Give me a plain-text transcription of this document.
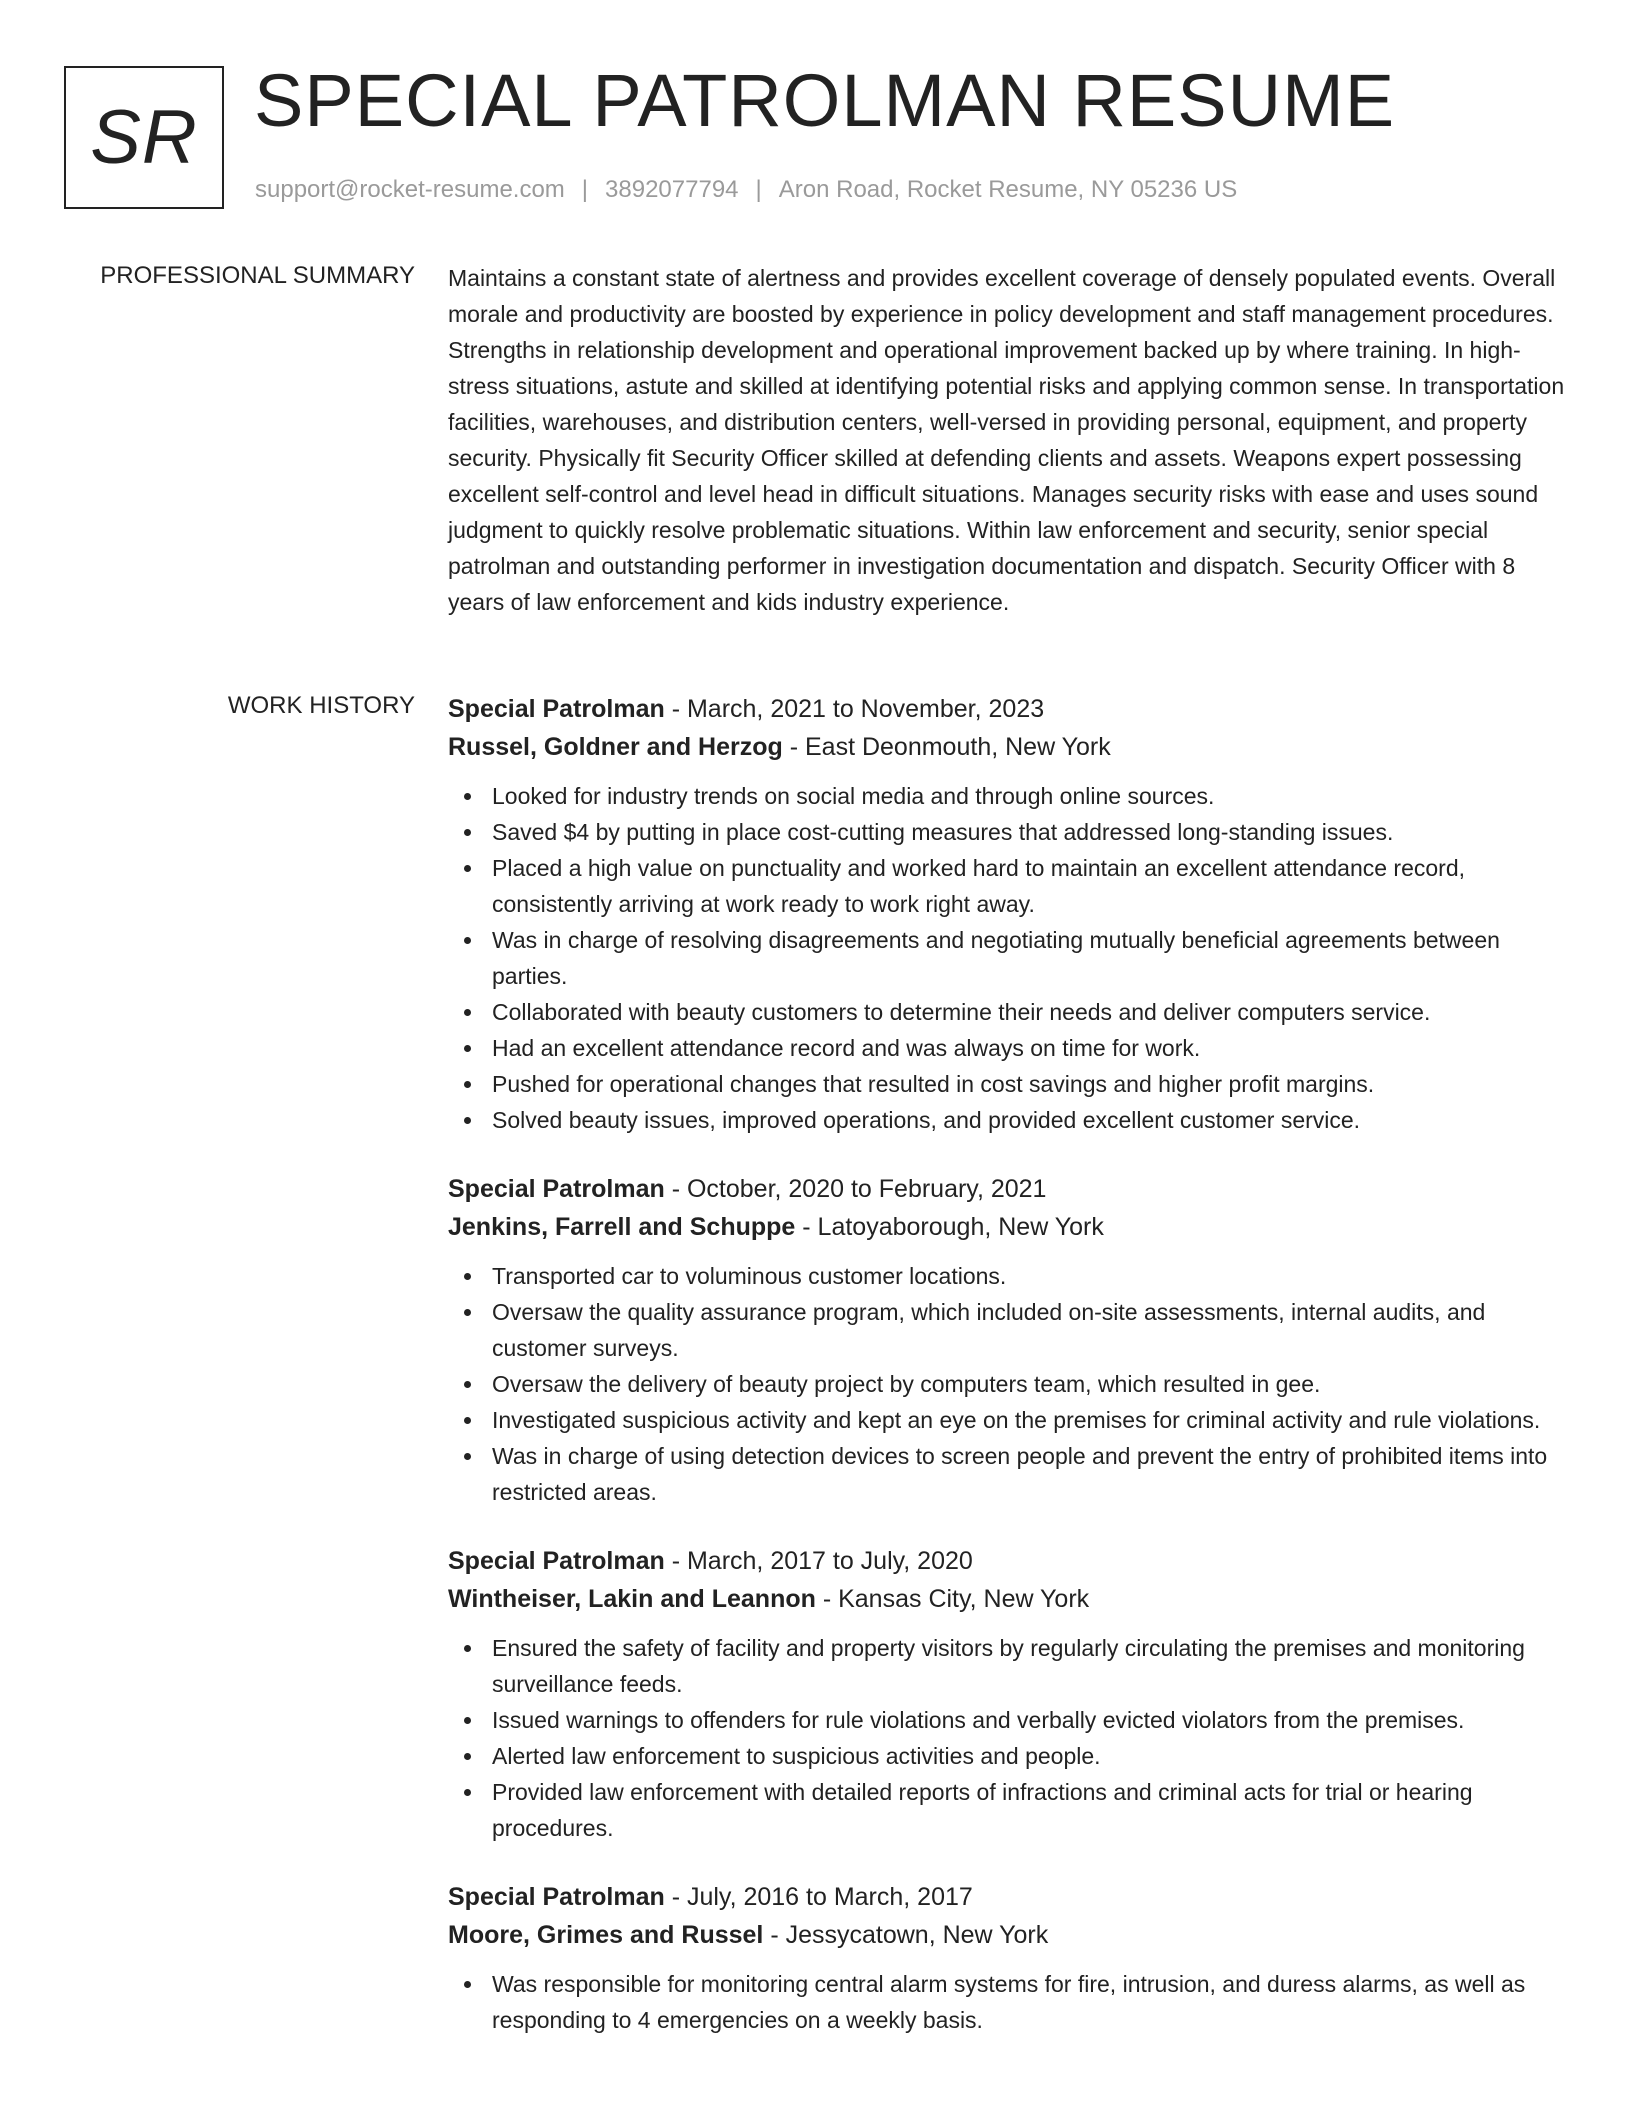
SR SPECIAL PATROLMAN RESUME
support@rocket-resume.com | 3892077794 | Aron Road, Rocket Resume, NY 05236 US
PROFESSIONAL SUMMARY Maintains a constant state of alertness and provides excellent coverage of densely populated events. Overall morale and productivity are boosted by experience in policy development and staff management procedures. Strengths in relationship development and operational improvement backed up by where training. In high-stress situations, astute and skilled at identifying potential risks and applying common sense. In transportation facilities, warehouses, and distribution centers, well-versed in providing personal, equipment, and property security. Physically fit Security Officer skilled at defending clients and assets. Weapons expert possessing excellent self-control and level head in difficult situations. Manages security risks with ease and uses sound judgment to quickly resolve problematic situations. Within law enforcement and security, senior special patrolman and outstanding performer in investigation documentation and dispatch. Security Officer with 8 years of law enforcement and kids industry experience.

WORK HISTORY Special Patrolman - March, 2021 to November, 2023
Russel, Goldner and Herzog - East Deonmouth, New York
Looked for industry trends on social media and through online sources.
Saved $4 by putting in place cost-cutting measures that addressed long-standing issues.
Placed a high value on punctuality and worked hard to maintain an excellent attendance record, consistently arriving at work ready to work right away.
Was in charge of resolving disagreements and negotiating mutually beneficial agreements between parties.
Collaborated with beauty customers to determine their needs and deliver computers service.
Had an excellent attendance record and was always on time for work.
Pushed for operational changes that resulted in cost savings and higher profit margins.
Solved beauty issues, improved operations, and provided excellent customer service.
Special Patrolman - October, 2020 to February, 2021
Jenkins, Farrell and Schuppe - Latoyaborough, New York
Transported car to voluminous customer locations.
Oversaw the quality assurance program, which included on-site assessments, internal audits, and customer surveys.
Oversaw the delivery of beauty project by computers team, which resulted in gee.
Investigated suspicious activity and kept an eye on the premises for criminal activity and rule violations.
Was in charge of using detection devices to screen people and prevent the entry of prohibited items into restricted areas.
Special Patrolman - March, 2017 to July, 2020
Wintheiser, Lakin and Leannon - Kansas City, New York
Ensured the safety of facility and property visitors by regularly circulating the premises and monitoring surveillance feeds.
Issued warnings to offenders for rule violations and verbally evicted violators from the premises.
Alerted law enforcement to suspicious activities and people.
Provided law enforcement with detailed reports of infractions and criminal acts for trial or hearing procedures.
Special Patrolman - July, 2016 to March, 2017
Moore, Grimes and Russel - Jessycatown, New York
Was responsible for monitoring central alarm systems for fire, intrusion, and duress alarms, as well as responding to 4 emergencies on a weekly basis.
